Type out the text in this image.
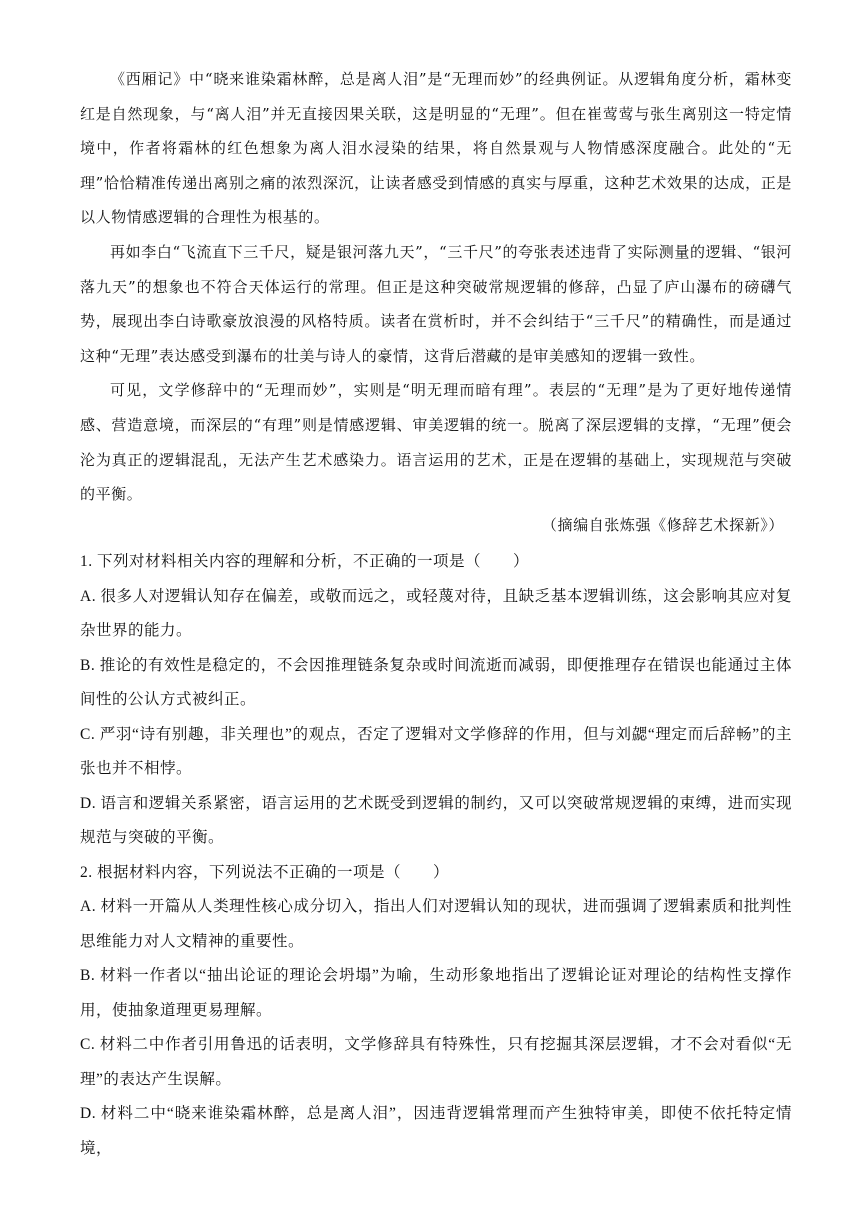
《西厢记》中“晓来谁染霜林醉，总是离人泪”是“无理而妙”的经典例证。从逻辑角度分析，霜林变红是自然现象，与“离人泪”并无直接因果关联，这是明显的“无理”。但在崔莺莺与张生离别这一特定情境中，作者将霜林的红色想象为离人泪水浸染的结果，将自然景观与人物情感深度融合。此处的“无理”恰恰精准传递出离别之痛的浓烈深沉，让读者感受到情感的真实与厚重，这种艺术效果的达成，正是以人物情感逻辑的合理性为根基的。

再如李白“飞流直下三千尺，疑是银河落九天”，“三千尺”的夸张表述违背了实际测量的逻辑、“银河落九天”的想象也不符合天体运行的常理。但正是这种突破常规逻辑的修辞，凸显了庐山瀑布的磅礴气势，展现出李白诗歌豪放浪漫的风格特质。读者在赏析时，并不会纠结于“三千尺”的精确性，而是通过这种“无理”表达感受到瀑布的壮美与诗人的豪情，这背后潜藏的是审美感知的逻辑一致性。

可见，文学修辞中的“无理而妙”，实则是“明无理而暗有理”。表层的“无理”是为了更好地传递情感、营造意境，而深层的“有理”则是情感逻辑、审美逻辑的统一。脱离了深层逻辑的支撑，“无理”便会沦为真正的逻辑混乱，无法产生艺术感染力。语言运用的艺术，正是在逻辑的基础上，实现规范与突破的平衡。

（摘编自张炼强《修辞艺术探新》）

1. 下列对材料相关内容的理解和分析，不正确的一项是（　　）

A. 很多人对逻辑认知存在偏差，或敬而远之，或轻蔑对待，且缺乏基本逻辑训练，这会影响其应对复杂世界的能力。

B. 推论的有效性是稳定的，不会因推理链条复杂或时间流逝而减弱，即便推理存在错误也能通过主体间性的公认方式被纠正。

C. 严羽“诗有别趣，非关理也”的观点，否定了逻辑对文学修辞的作用，但与刘勰“理定而后辞畅”的主张也并不相悖。

D. 语言和逻辑关系紧密，语言运用的艺术既受到逻辑的制约，又可以突破常规逻辑的束缚，进而实现规范与突破的平衡。

2. 根据材料内容，下列说法不正确的一项是（　　）

A. 材料一开篇从人类理性核心成分切入，指出人们对逻辑认知的现状，进而强调了逻辑素质和批判性思维能力对人文精神的重要性。

B. 材料一作者以“抽出论证的理论会坍塌”为喻，生动形象地指出了逻辑论证对理论的结构性支撑作用，使抽象道理更易理解。

C. 材料二中作者引用鲁迅的话表明，文学修辞具有特殊性，只有挖掘其深层逻辑，才不会对看似“无理”的表达产生误解。

D. 材料二中“晓来谁染霜林醉，总是离人泪”，因违背逻辑常理而产生独特审美，即使不依托特定情境，
